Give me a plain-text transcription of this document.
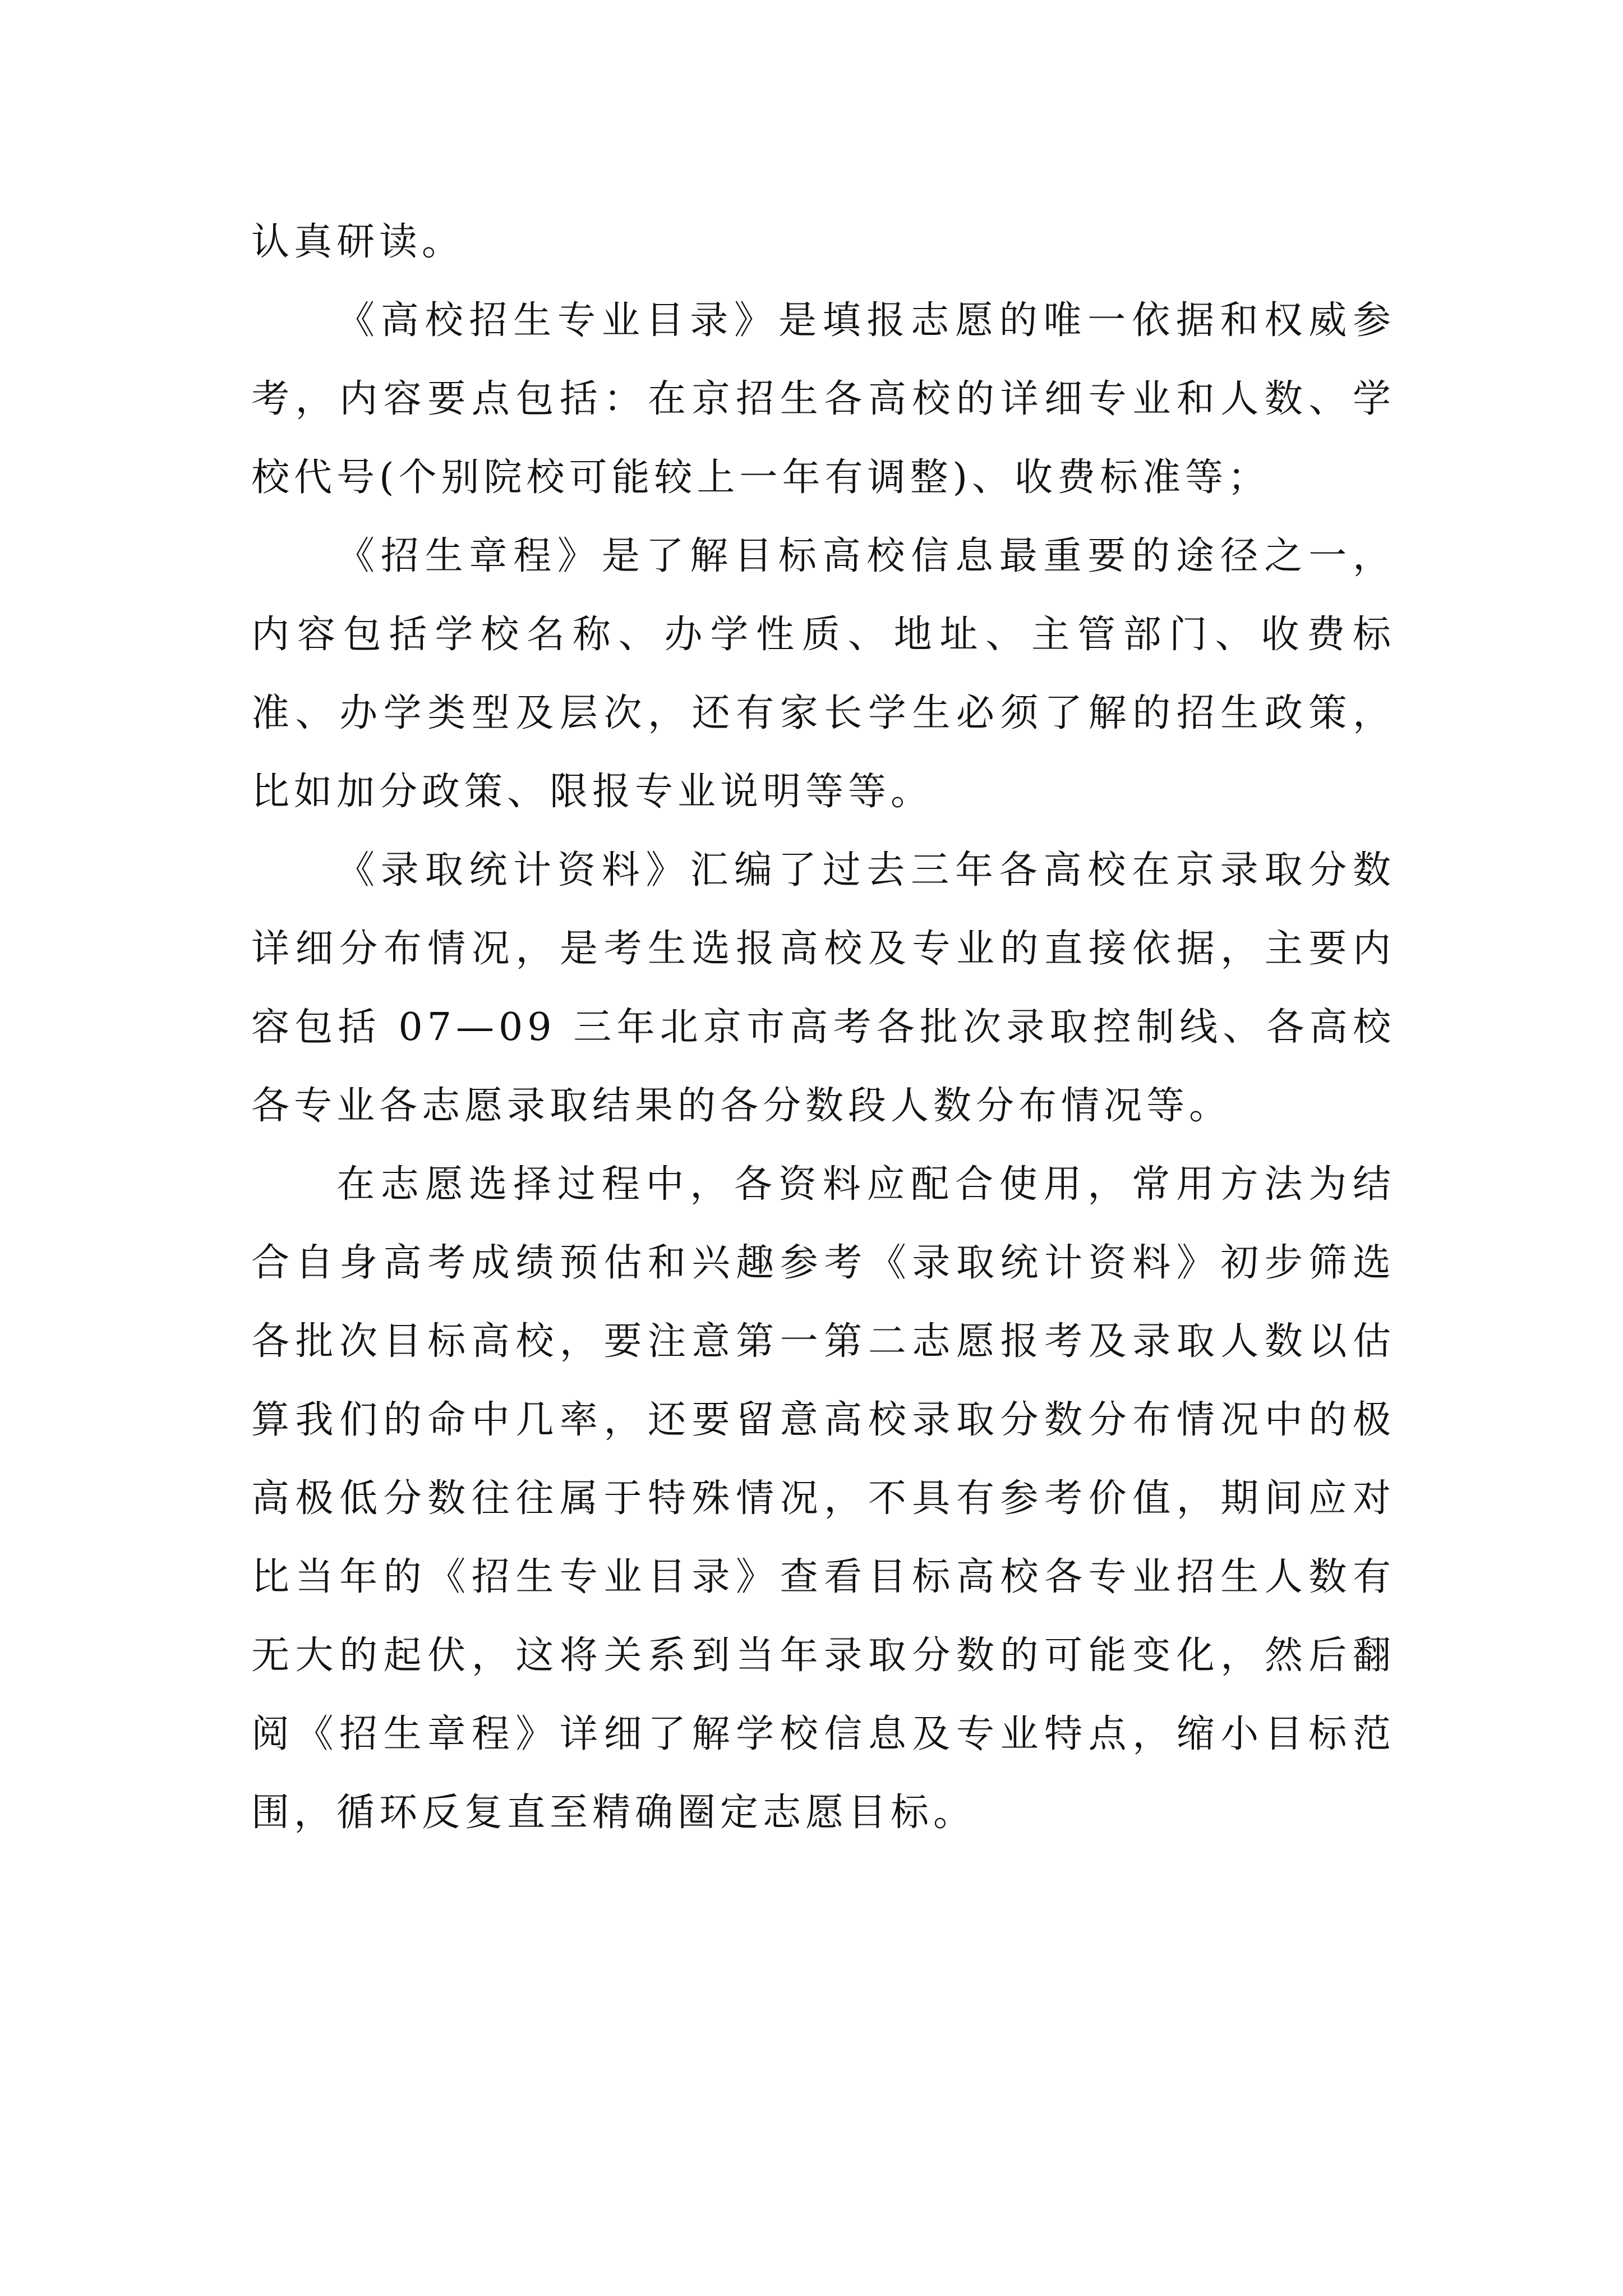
认真研读。

《高校招生专业目录》是填报志愿的唯一依据和权威参考，内容要点包括：在京招生各高校的详细专业和人数、学校代号(个别院校可能较上一年有调整)、收费标准等；

《招生章程》是了解目标高校信息最重要的途径之一，内容包括学校名称、办学性质、地址、主管部门、收费标准、办学类型及层次，还有家长学生必须了解的招生政策，比如加分政策、限报专业说明等等。

《录取统计资料》汇编了过去三年各高校在京录取分数详细分布情况，是考生选报高校及专业的直接依据，主要内容包括 07—09 三年北京市高考各批次录取控制线、各高校各专业各志愿录取结果的各分数段人数分布情况等。

在志愿选择过程中，各资料应配合使用，常用方法为结合自身高考成绩预估和兴趣参考《录取统计资料》初步筛选各批次目标高校，要注意第一第二志愿报考及录取人数以估算我们的命中几率，还要留意高校录取分数分布情况中的极高极低分数往往属于特殊情况，不具有参考价值，期间应对比当年的《招生专业目录》查看目标高校各专业招生人数有无大的起伏，这将关系到当年录取分数的可能变化，然后翻阅《招生章程》详细了解学校信息及专业特点，缩小目标范围，循环反复直至精确圈定志愿目标。
